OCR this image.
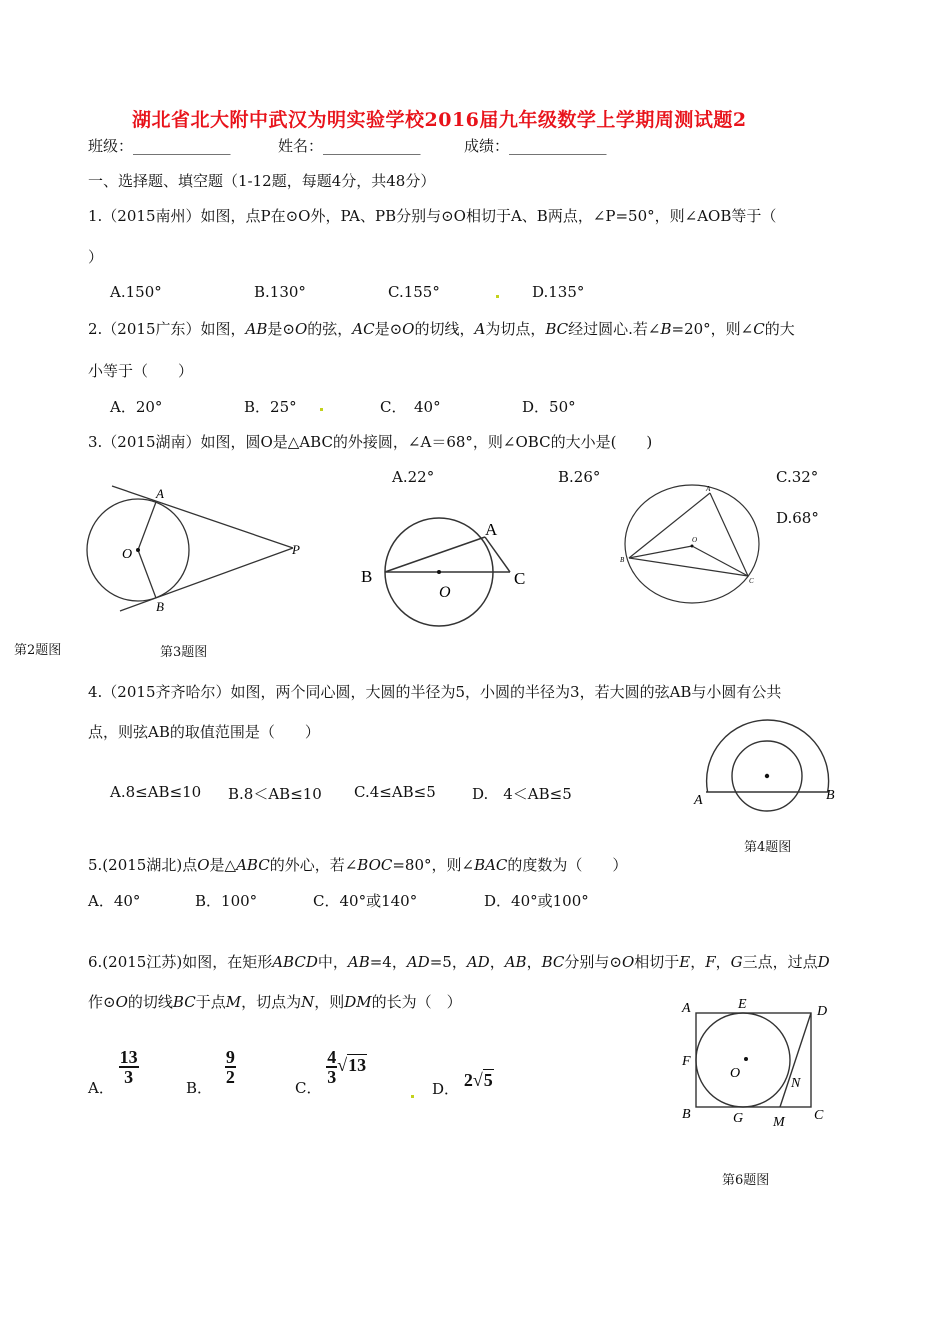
湖北省北大附中武汉为明实验学校2016届九年级数学上学期周测试题2
班级：_____________	姓名：_____________	成绩：_____________
一、选择题、填空题（1-12题，每题4分，共48分）
1.（2015南州）如图，点P在⊙O外，PA、PB分别与⊙O相切于A、B两点，∠P=50°，则∠AOB等于（
）
A.150°	B.130°	C.155°	D.135°
2.（2015广东）如图，AB是⊙O的弦，AC是⊙O的切线，A为切点，BC经过圆心.若∠B=20°，则∠C的大
小等于（　　）
A．20°	B．25°	C．　40°	D．50°
3.（2015湖南）如图，圆O是△ABC的外接圆，∠A＝68°，则∠OBC的大小是(　　)
A.22°	B.26°	C.32°
D.68°
A
B
O	P
第2题图	第3题图
A
B	C
O
A
B
C
O
4.（2015齐齐哈尔）如图，两个同心圆，大圆的半径为5，小圆的半径为3，若大圆的弦AB与小圆有公共
点，则弦AB的取值范围是（　　）
A.8≤AB≤10 B.8＜AB≤10 C.4≤AB≤5 D.　4＜AB≤5	A	B
第4题图
5.(2015湖北)点O是△ABC的外心，若∠BOC=80°，则∠BAC的度数为（　　）
A．40°	B．100°	C．40°或140°	D．40°或100°
6.(2015江苏)如图，在矩形ABCD中，AB=4，AD=5，AD，AB，BC分别与⊙O相切于E，F，G三点，过点D
作⊙O的切线BC于点M，切点为N，则DM的长为（　）
A．
$\frac{13}{3}$
B．
$\frac{9}{2}$
C．
$\frac{4}{3} √13$
D． 2√5
A	E	D
F
O
N
B	G M C
第6题图
